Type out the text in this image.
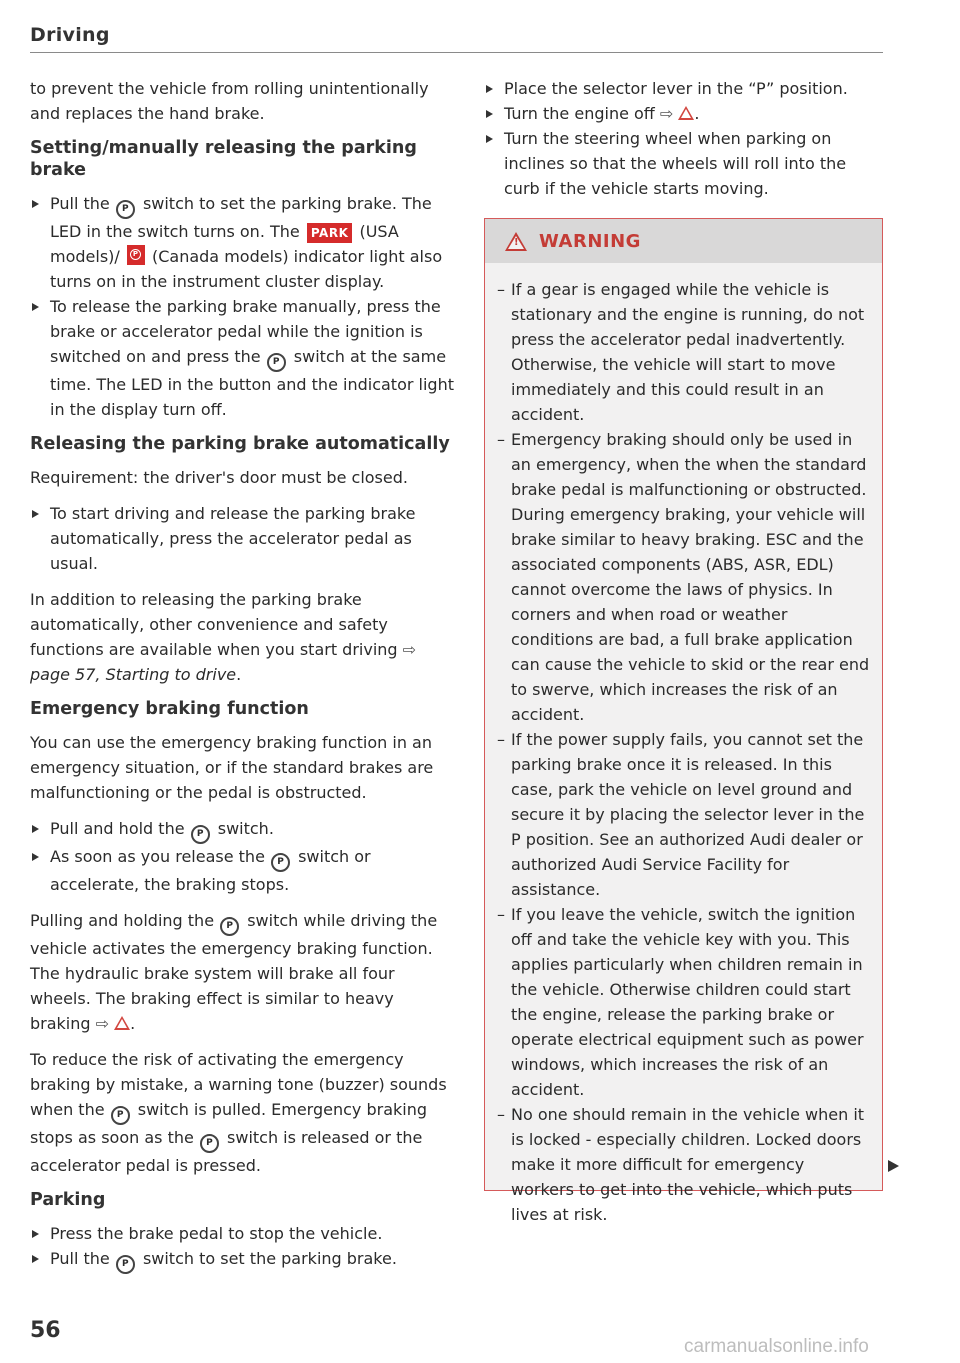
Driving

to prevent the vehicle from rolling unintentionally and replaces the hand brake.

Setting/manually releasing the parking brake
Pull the P switch to set the parking brake. The LED in the switch turns on. The PARK (USA models)/	P (Canada models) indicator light also turns on in the instrument cluster display.
To release the parking brake manually, press the brake or accelerator pedal while the ignition is switched on and press the P switch at the same time. The LED in the button and the indicator light in the display turn off.
Releasing the parking brake automatically

Requirement: the driver's door must be closed.

To start driving and release the parking brake automatically, press the accelerator pedal as usual.

In addition to releasing the parking brake automatically, other convenience and safety functions are available when you start driving ⇨ page 57, Starting to drive.

Emergency braking function

You can use the emergency braking function in an emergency situation, or if the standard brakes are malfunctioning or the pedal is obstructed.

Pull and hold the P switch.
As soon as you release the P switch or accelerate, the braking stops.

Pulling and holding the P switch while driving the vehicle activates the emergency braking function. The hydraulic brake system will brake all four wheels. The braking effect is similar to heavy braking ⇨ .

To reduce the risk of activating the emergency braking by mistake, a warning tone (buzzer) sounds when the P switch is pulled. Emergency braking stops as soon as the P switch is released or the accelerator pedal is pressed.

Parking
Press the brake pedal to stop the vehicle.
Pull the P switch to set the parking brake.
Place the selector lever in the “P” position.
Turn the engine off ⇨ .
Turn the steering wheel when parking on inclines so that the wheels will roll into the curb if the vehicle starts moving.
!
WARNING
– If a gear is engaged while the vehicle is stationary and the engine is running, do not press the accelerator pedal inadvertently. Otherwise, the vehicle will start to move immediately and this could result in an accident.
– Emergency braking should only be used in an emergency, when the when the standard brake pedal is malfunctioning or obstructed. During emergency braking, your vehicle will brake similar to heavy braking. ESC and the associated components (ABS, ASR, EDL) cannot overcome the laws of physics. In corners and when road or weather conditions are bad, a full brake application can cause the vehicle to skid or the rear end to swerve, which increases the risk of an accident.
– If the power supply fails, you cannot set the parking brake once it is released. In this case, park the vehicle on level ground and secure it by placing the selector lever in the P position. See an authorized Audi dealer or authorized Audi Service Facility for assistance.
– If you leave the vehicle, switch the ignition off and take the vehicle key with you. This applies particularly when children remain in the vehicle. Otherwise children could start the engine, release the parking brake or operate electrical equipment such as power windows, which increases the risk of an accident.
– No one should remain in the vehicle when it is locked - especially children. Locked doors make it more difficult for emergency workers to get into the vehicle, which puts lives at risk.
56
carmanualsonline.info
